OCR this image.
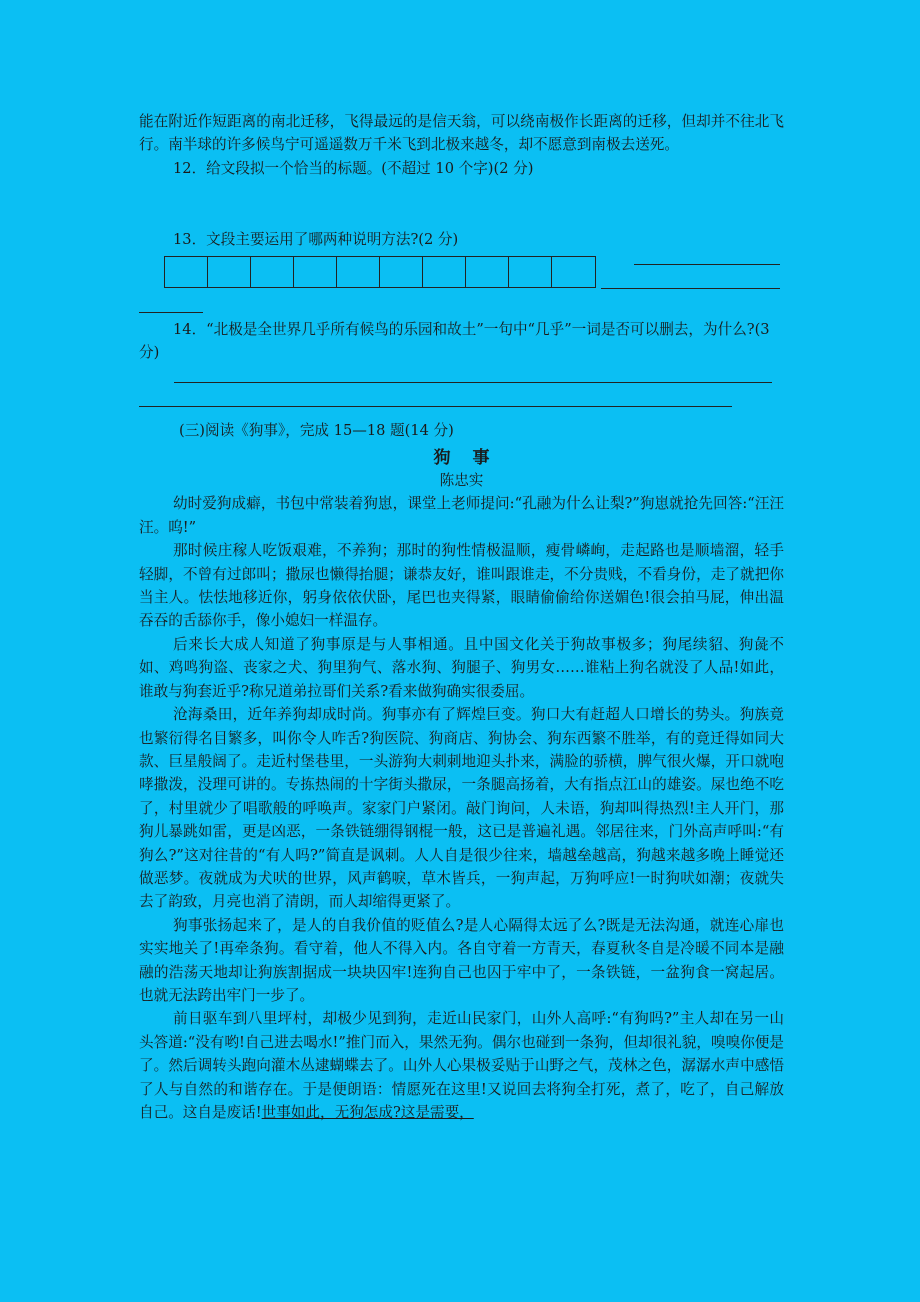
能在附近作短距离的南北迁移，飞得最远的是信天翁，可以绕南极作长距离的迁移，但却并不往北飞行。南半球的许多候鸟宁可遥遥数万千米飞到北极来越冬，却不愿意到南极去送死。

12．给文段拟一个恰当的标题。(不超过 10 个字)(2 分)

13．文段主要运用了哪两种说明方法?(2 分)

14．“北极是全世界几乎所有候鸟的乐园和故土”一句中“几乎”一词是否可以删去，为什么?(3 分)

(三)阅读《狗事》，完成 15—18 题(14 分)

狗事

陈忠实

幼时爱狗成癖，书包中常装着狗崽，课堂上老师提问:“孔融为什么让梨?”狗崽就抢先回答:“汪汪汪。呜!”

那时候庄稼人吃饭艰难，不养狗；那时的狗性情极温顺，瘦骨嶙峋，走起路也是顺墙溜，轻手轻脚，不曾有过郎叫；撒尿也懒得抬腿；谦恭友好，谁叫跟谁走，不分贵贱，不看身份，走了就把你当主人。怯怯地移近你，躬身依依伏卧，尾巴也夹得紧，眼睛偷偷给你送媚色!很会拍马屁，伸出温吞吞的舌舔你手，像小媳妇一样温存。

后来长大成人知道了狗事原是与人事相通。且中国文化关于狗故事极多；狗尾续貂、狗彘不如、鸡鸣狗盗、丧家之犬、狗里狗气、落水狗、狗腿子、狗男女……谁粘上狗名就没了人品!如此，谁敢与狗套近乎?称兄道弟拉哥们关系?看来做狗确实很委屈。

沧海桑田，近年养狗却成时尚。狗事亦有了辉煌巨变。狗口大有赶超人口增长的势头。狗族竟也繁衍得名目繁多，叫你令人咋舌?狗医院、狗商店、狗协会、狗东西繁不胜举，有的竟迁得如同大款、巨星般阔了。走近村堡巷里，一头游狗大刺刺地迎头扑来，满脸的骄横，脾气很火爆，开口就咆哮撒泼，没理可讲的。专拣热闹的十字街头撒尿，一条腿高扬着，大有指点江山的雄姿。屎也绝不吃了，村里就少了唱歌般的呼唤声。家家门户紧闭。敲门询问，人未语，狗却叫得热烈!主人开门，那狗儿暴跳如雷，更是凶恶，一条铁链绷得钢棍一般，这已是普遍礼遇。邻居往来，门外高声呼叫:“有狗么?”这对往昔的“有人吗?”简直是讽刺。人人自是很少往来，墙越垒越高，狗越来越多晚上睡觉还做恶梦。夜就成为犬吠的世界，风声鹤唳，草木皆兵，一狗声起，万狗呼应!一时狗吠如潮；夜就失去了韵致，月亮也消了清朗，而人却缩得更紧了。

狗事张扬起来了，是人的自我价值的贬值么?是人心隔得太远了么?既是无法沟通，就连心扉也实实地关了!再牵条狗。看守着，他人不得入内。各自守着一方青天，春夏秋冬自是冷暖不同本是融融的浩荡天地却让狗族割据成一块块囚牢!连狗自己也囚于牢中了，一条铁链，一盆狗食一窝起居。也就无法跨出牢门一步了。

前日驱车到八里坪村，却极少见到狗，走近山民家门，山外人高呼:“有狗吗?”主人却在另一山头答道:“没有哟!自己进去喝水!”推门而入，果然无狗。偶尔也碰到一条狗，但却很礼貌，嗅嗅你便是了。然后调转头跑向灌木丛逮蝴蝶去了。山外人心果极妥贴于山野之气，茂林之色，潺潺水声中感悟了人与自然的和谐存在。于是便朗语：情愿死在这里!又说回去将狗全打死，煮了，吃了，自己解放自己。这自是废话!世事如此，无狗怎成?这是需要，
